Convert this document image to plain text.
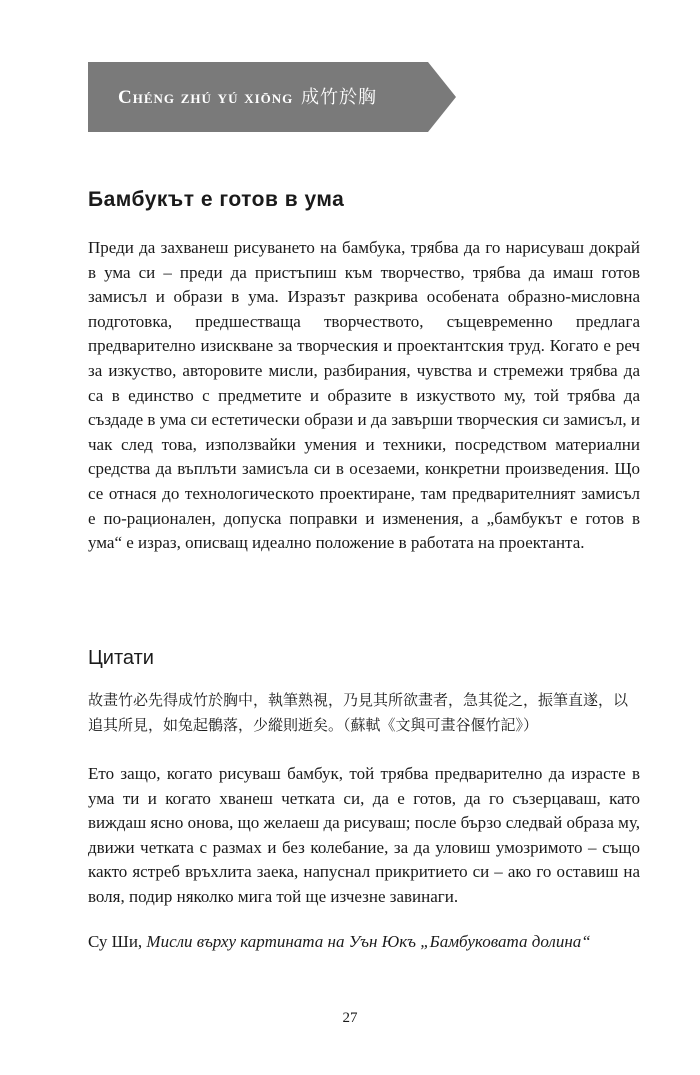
Chéng zhú yú xiōng 成竹於胸
Бамбукът е готов в ума

Преди да захванеш рисуването на бамбука, трябва да го нарисуваш докрай в ума си – преди да пристъпиш към творчество, трябва да имаш готов замисъл и образи в ума. Изразът разкрива особената образно-мисловна подготовка, предшестваща творчеството, същевременно предлага предварително изискване за творческия и проектантския труд. Когато е реч за изкуство, авторовите мисли, разбирания, чувства и стремежи трябва да са в единство с предметите и образите в изкуството му, той трябва да създаде в ума си естетически образи и да завърши творческия си замисъл, и чак след това, използвайки умения и техники, посредством материални средства да въплъти замисъла си в осезаеми, конкретни произведения. Що се отнася до технологическото проектиране, там предварителният замисъл е по-рационален, допуска поправки и изменения, а „бамбукът е готов в ума“ е израз, описващ идеално положение в работата на проектанта.

Цитати

故畫竹必先得成竹於胸中，執筆熟視，乃見其所欲畫者，急其從之，振筆直遂，以追其所見，如兔起鶻落，少縱則逝矣。（蘇軾《文與可畫谷偃竹記》）

Ето защо, когато рисуваш бамбук, той трябва предварително да израсте в ума ти и когато хванеш четката си, да е готов, да го съзерцаваш, като виждаш ясно онова, що желаеш да рисуваш; после бързо следвай образа му, движи четката с размах и без колебание, за да уловиш умозримото – също както ястреб връхлита заека, напуснал прикритието си – ако го оставиш на воля, подир няколко мига той ще изчезне завинаги.

Су Ши, Мисли върху картината на Уън Юкъ „Бамбуковата долина“

27
